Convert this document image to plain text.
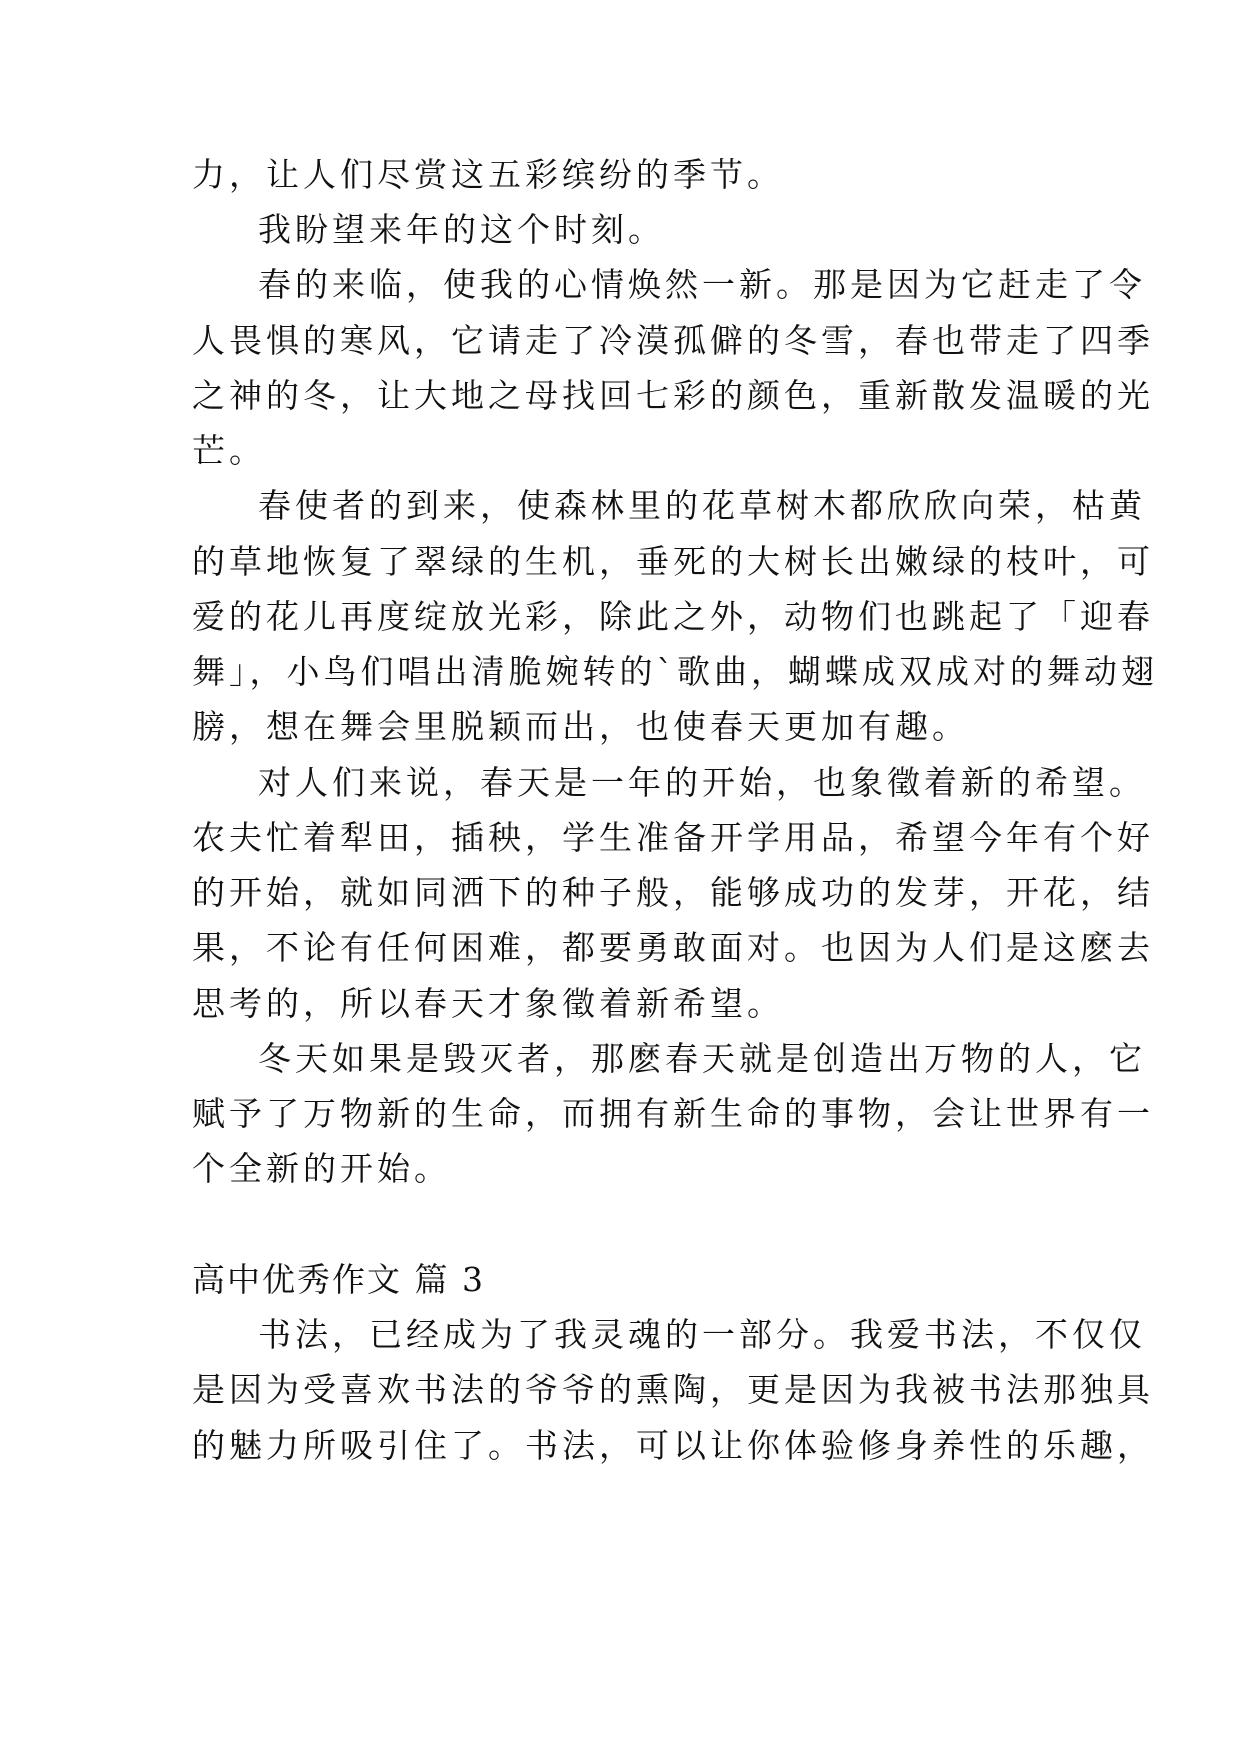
力，让人们尽赏这五彩缤纷的季节。
我盼望来年的这个时刻。
春的来临，使我的心情焕然一新。那是因为它赶走了令
人畏惧的寒风，它请走了冷漠孤僻的冬雪，春也带走了四季
之神的冬，让大地之母找回七彩的颜色，重新散发温暖的光
芒。
春使者的到来，使森林里的花草树木都欣欣向荣，枯黄
的草地恢复了翠绿的生机，垂死的大树长出嫩绿的枝叶，可
爱的花儿再度绽放光彩，除此之外，动物们也跳起了「迎春
舞」，小鸟们唱出清脆婉转的`歌曲，蝴蝶成双成对的舞动翅
膀，想在舞会里脱颖而出，也使春天更加有趣。
对人们来说，春天是一年的开始，也象徵着新的希望。
农夫忙着犁田，插秧，学生准备开学用品，希望今年有个好
的开始，就如同洒下的种子般，能够成功的发芽，开花，结
果，不论有任何困难，都要勇敢面对。也因为人们是这麽去
思考的，所以春天才象徵着新希望。
冬天如果是毁灭者，那麽春天就是创造出万物的人，它
赋予了万物新的生命，而拥有新生命的事物，会让世界有一
个全新的开始。
高中优秀作文 篇 3
书法，已经成为了我灵魂的一部分。我爱书法，不仅仅
是因为受喜欢书法的爷爷的熏陶，更是因为我被书法那独具
的魅力所吸引住了。书法，可以让你体验修身养性的乐趣，
